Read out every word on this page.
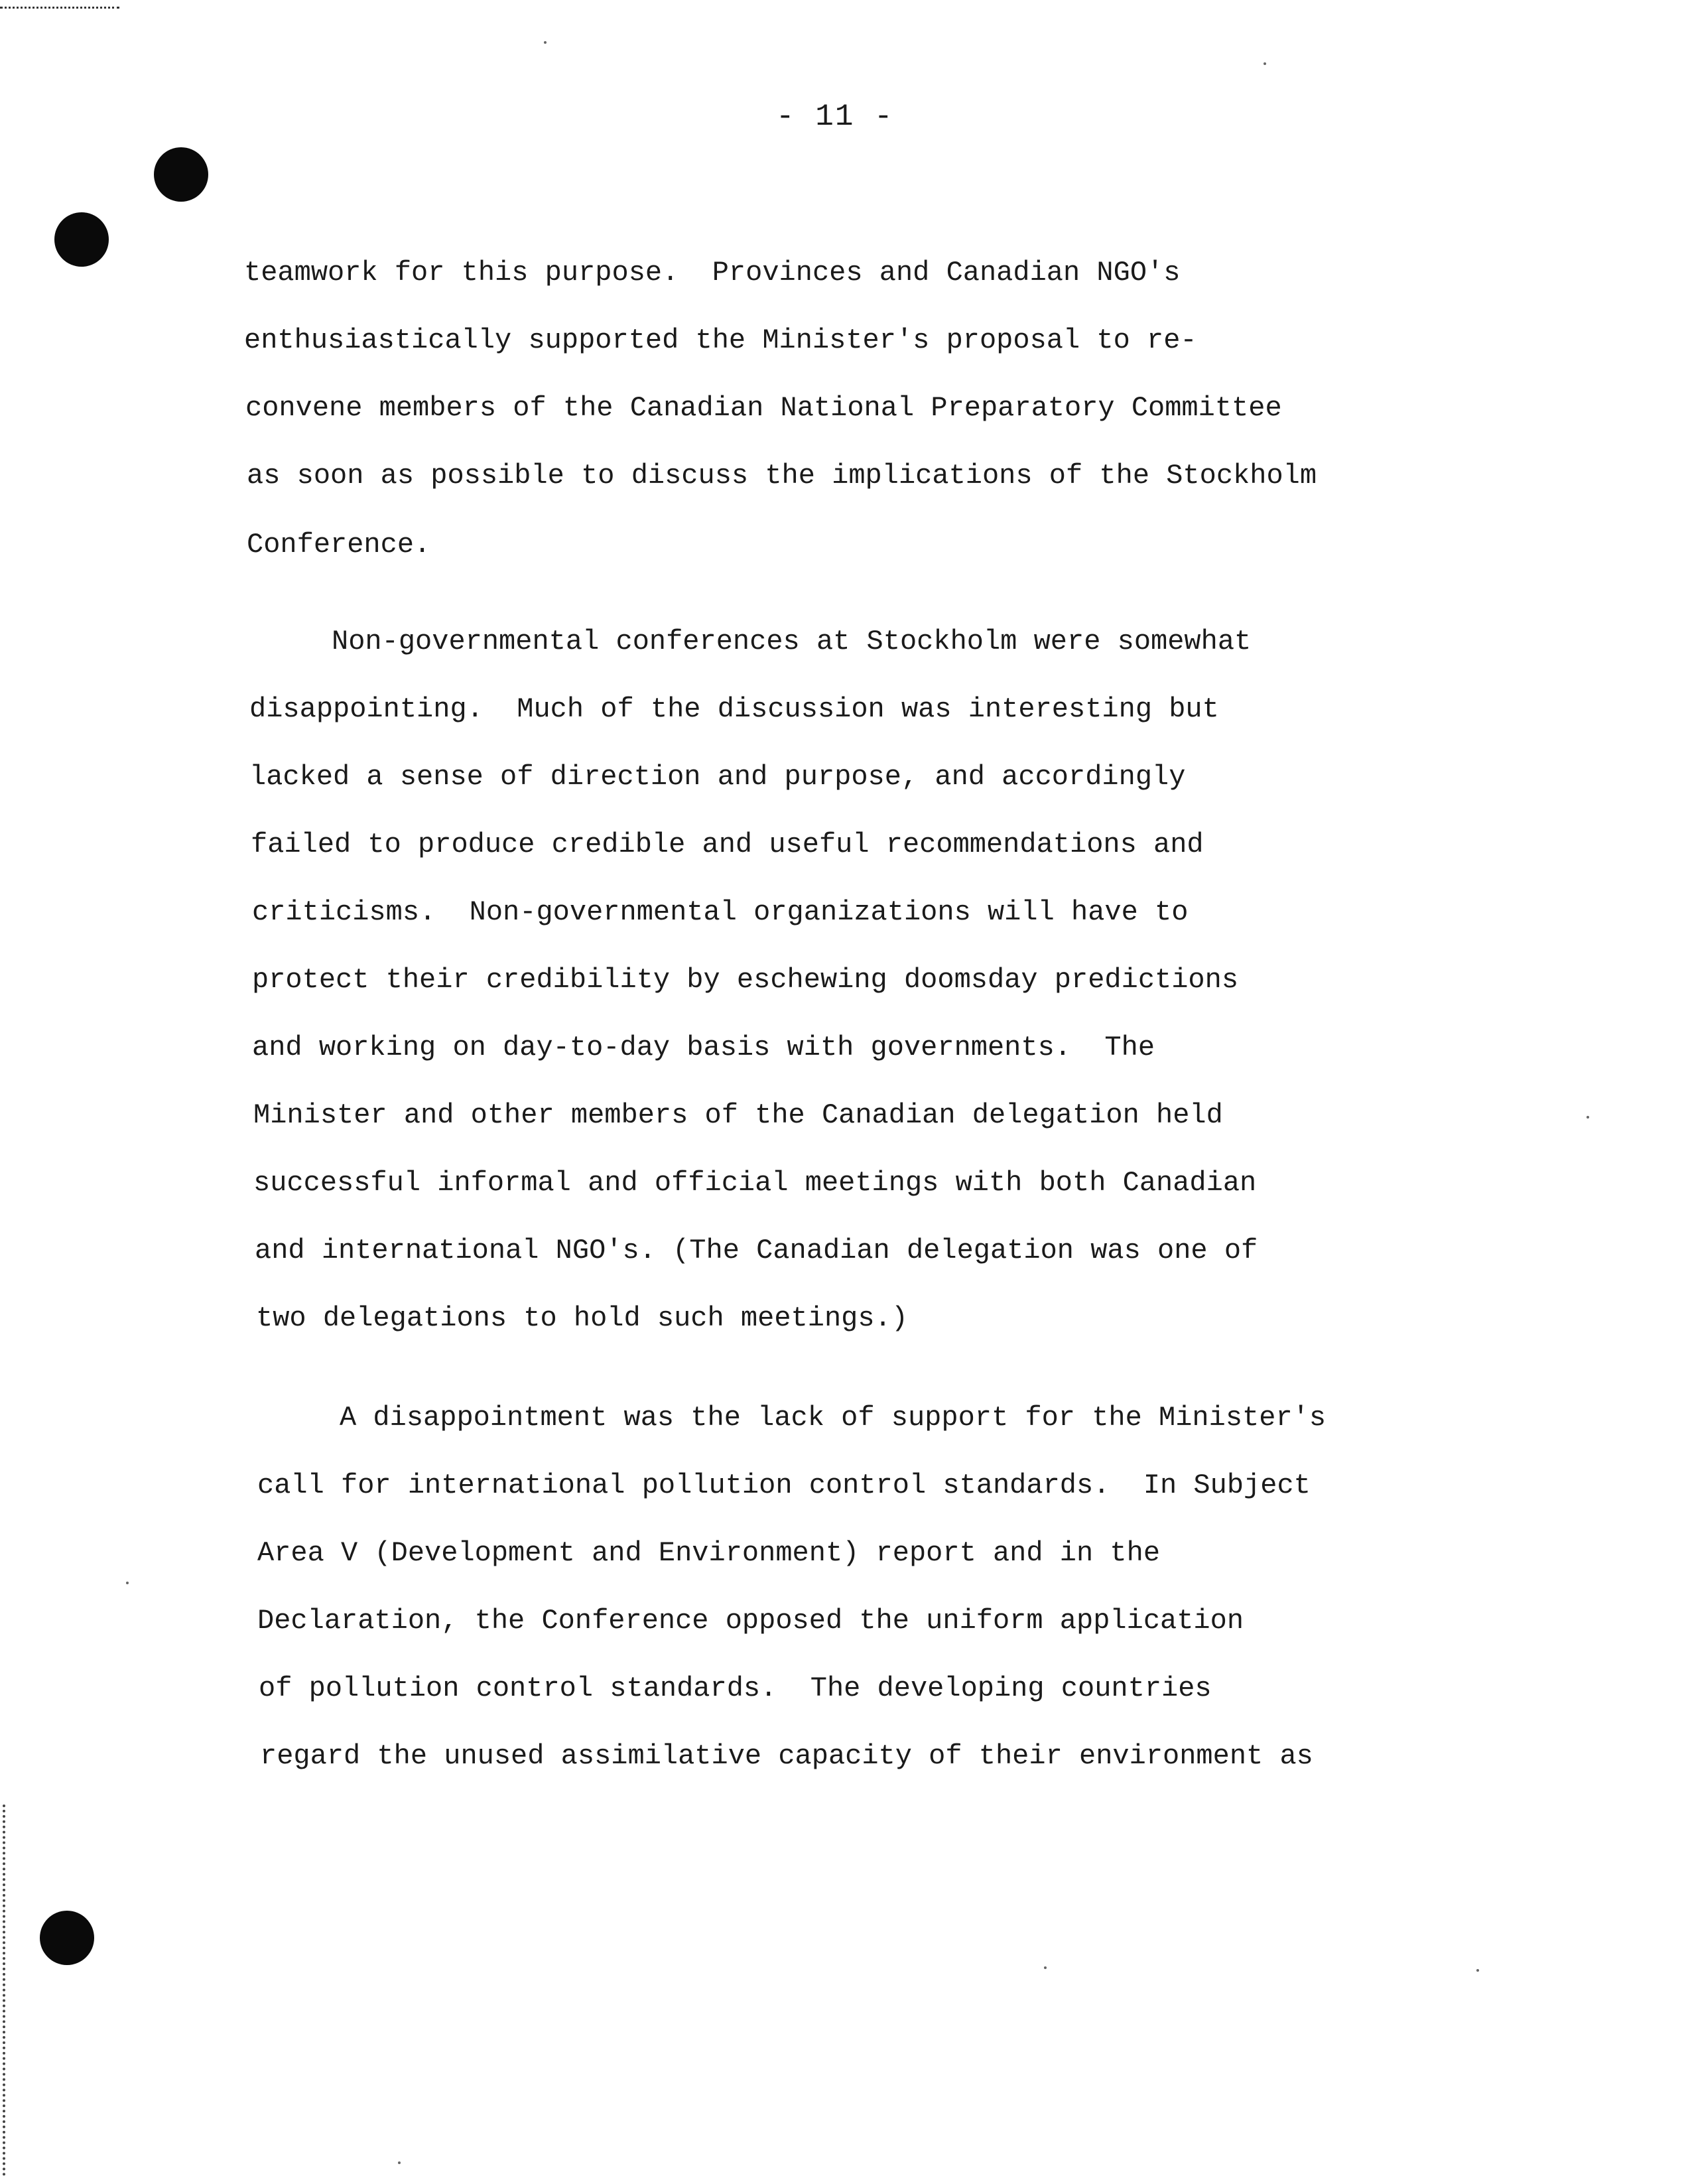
- 11 -
teamwork for this purpose.  Provinces and Canadian NGO's
enthusiastically supported the Minister's proposal to re-
convene members of the Canadian National Preparatory Committee
as soon as possible to discuss the implications of the Stockholm
Conference.
Non-governmental conferences at Stockholm were somewhat
disappointing.  Much of the discussion was interesting but
lacked a sense of direction and purpose, and accordingly
failed to produce credible and useful recommendations and
criticisms.  Non-governmental organizations will have to
protect their credibility by eschewing doomsday predictions
and working on day-to-day basis with governments.  The
Minister and other members of the Canadian delegation held
successful informal and official meetings with both Canadian
and international NGO's. (The Canadian delegation was one of
two delegations to hold such meetings.)
A disappointment was the lack of support for the Minister's
call for international pollution control standards.  In Subject
Area V (Development and Environment) report and in the
Declaration, the Conference opposed the uniform application
of pollution control standards.  The developing countries
regard the unused assimilative capacity of their environment as
